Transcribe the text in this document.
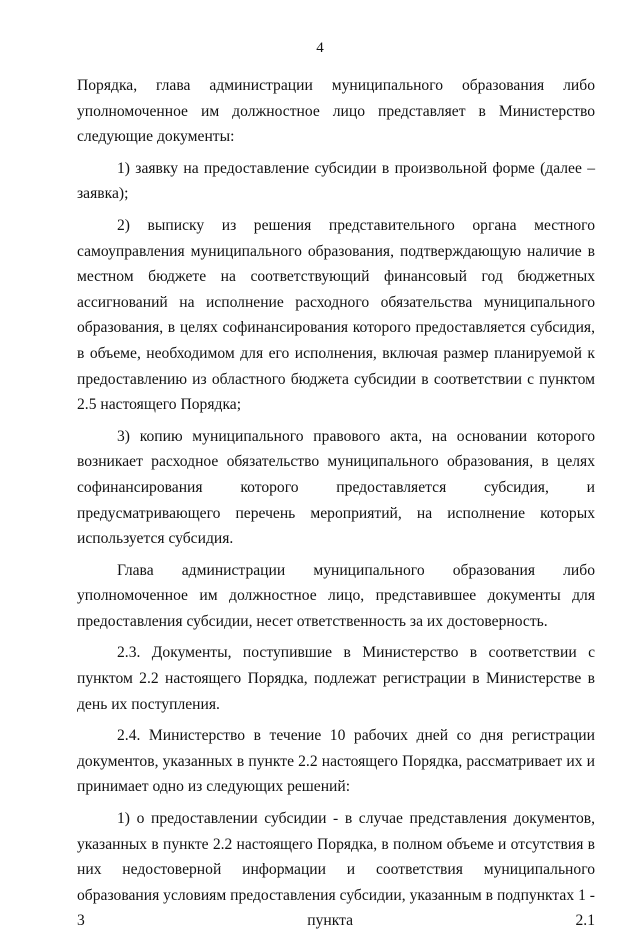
4

Порядка, глава администрации муниципального образования либо уполномоченное им должностное лицо представляет в Министерство следующие документы:

1) заявку на предоставление субсидии в произвольной форме (далее – заявка);

2) выписку из решения представительного органа местного самоуправления муниципального образования, подтверждающую наличие в местном бюджете на соответствующий финансовый год бюджетных ассигнований на исполнение расходного обязательства муниципального образования, в целях софинансирования которого предоставляется субсидия, в объеме, необходимом для его исполнения, включая размер планируемой к предоставлению из областного бюджета субсидии в соответствии с пунктом 2.5 настоящего Порядка;

3) копию муниципального правового акта, на основании которого возникает расходное обязательство муниципального образования, в целях софинансирования которого предоставляется субсидия, и предусматривающего перечень мероприятий, на исполнение которых используется субсидия.

Глава администрации муниципального образования либо уполномоченное им должностное лицо, представившее документы для предоставления субсидии, несет ответственность за их достоверность.

2.3. Документы, поступившие в Министерство в соответствии с пунктом 2.2 настоящего Порядка, подлежат регистрации в Министерстве в день их поступления.

2.4. Министерство в течение 10 рабочих дней со дня регистрации документов, указанных в пункте 2.2 настоящего Порядка, рассматривает их и принимает одно из следующих решений:

1) о предоставлении субсидии - в случае представления документов, указанных в пункте 2.2 настоящего Порядка, в полном объеме и отсутствия в них недостоверной информации и соответствия муниципального образования условиям предоставления субсидии, указанным в подпунктах 1 - 3 пункта 2.1
